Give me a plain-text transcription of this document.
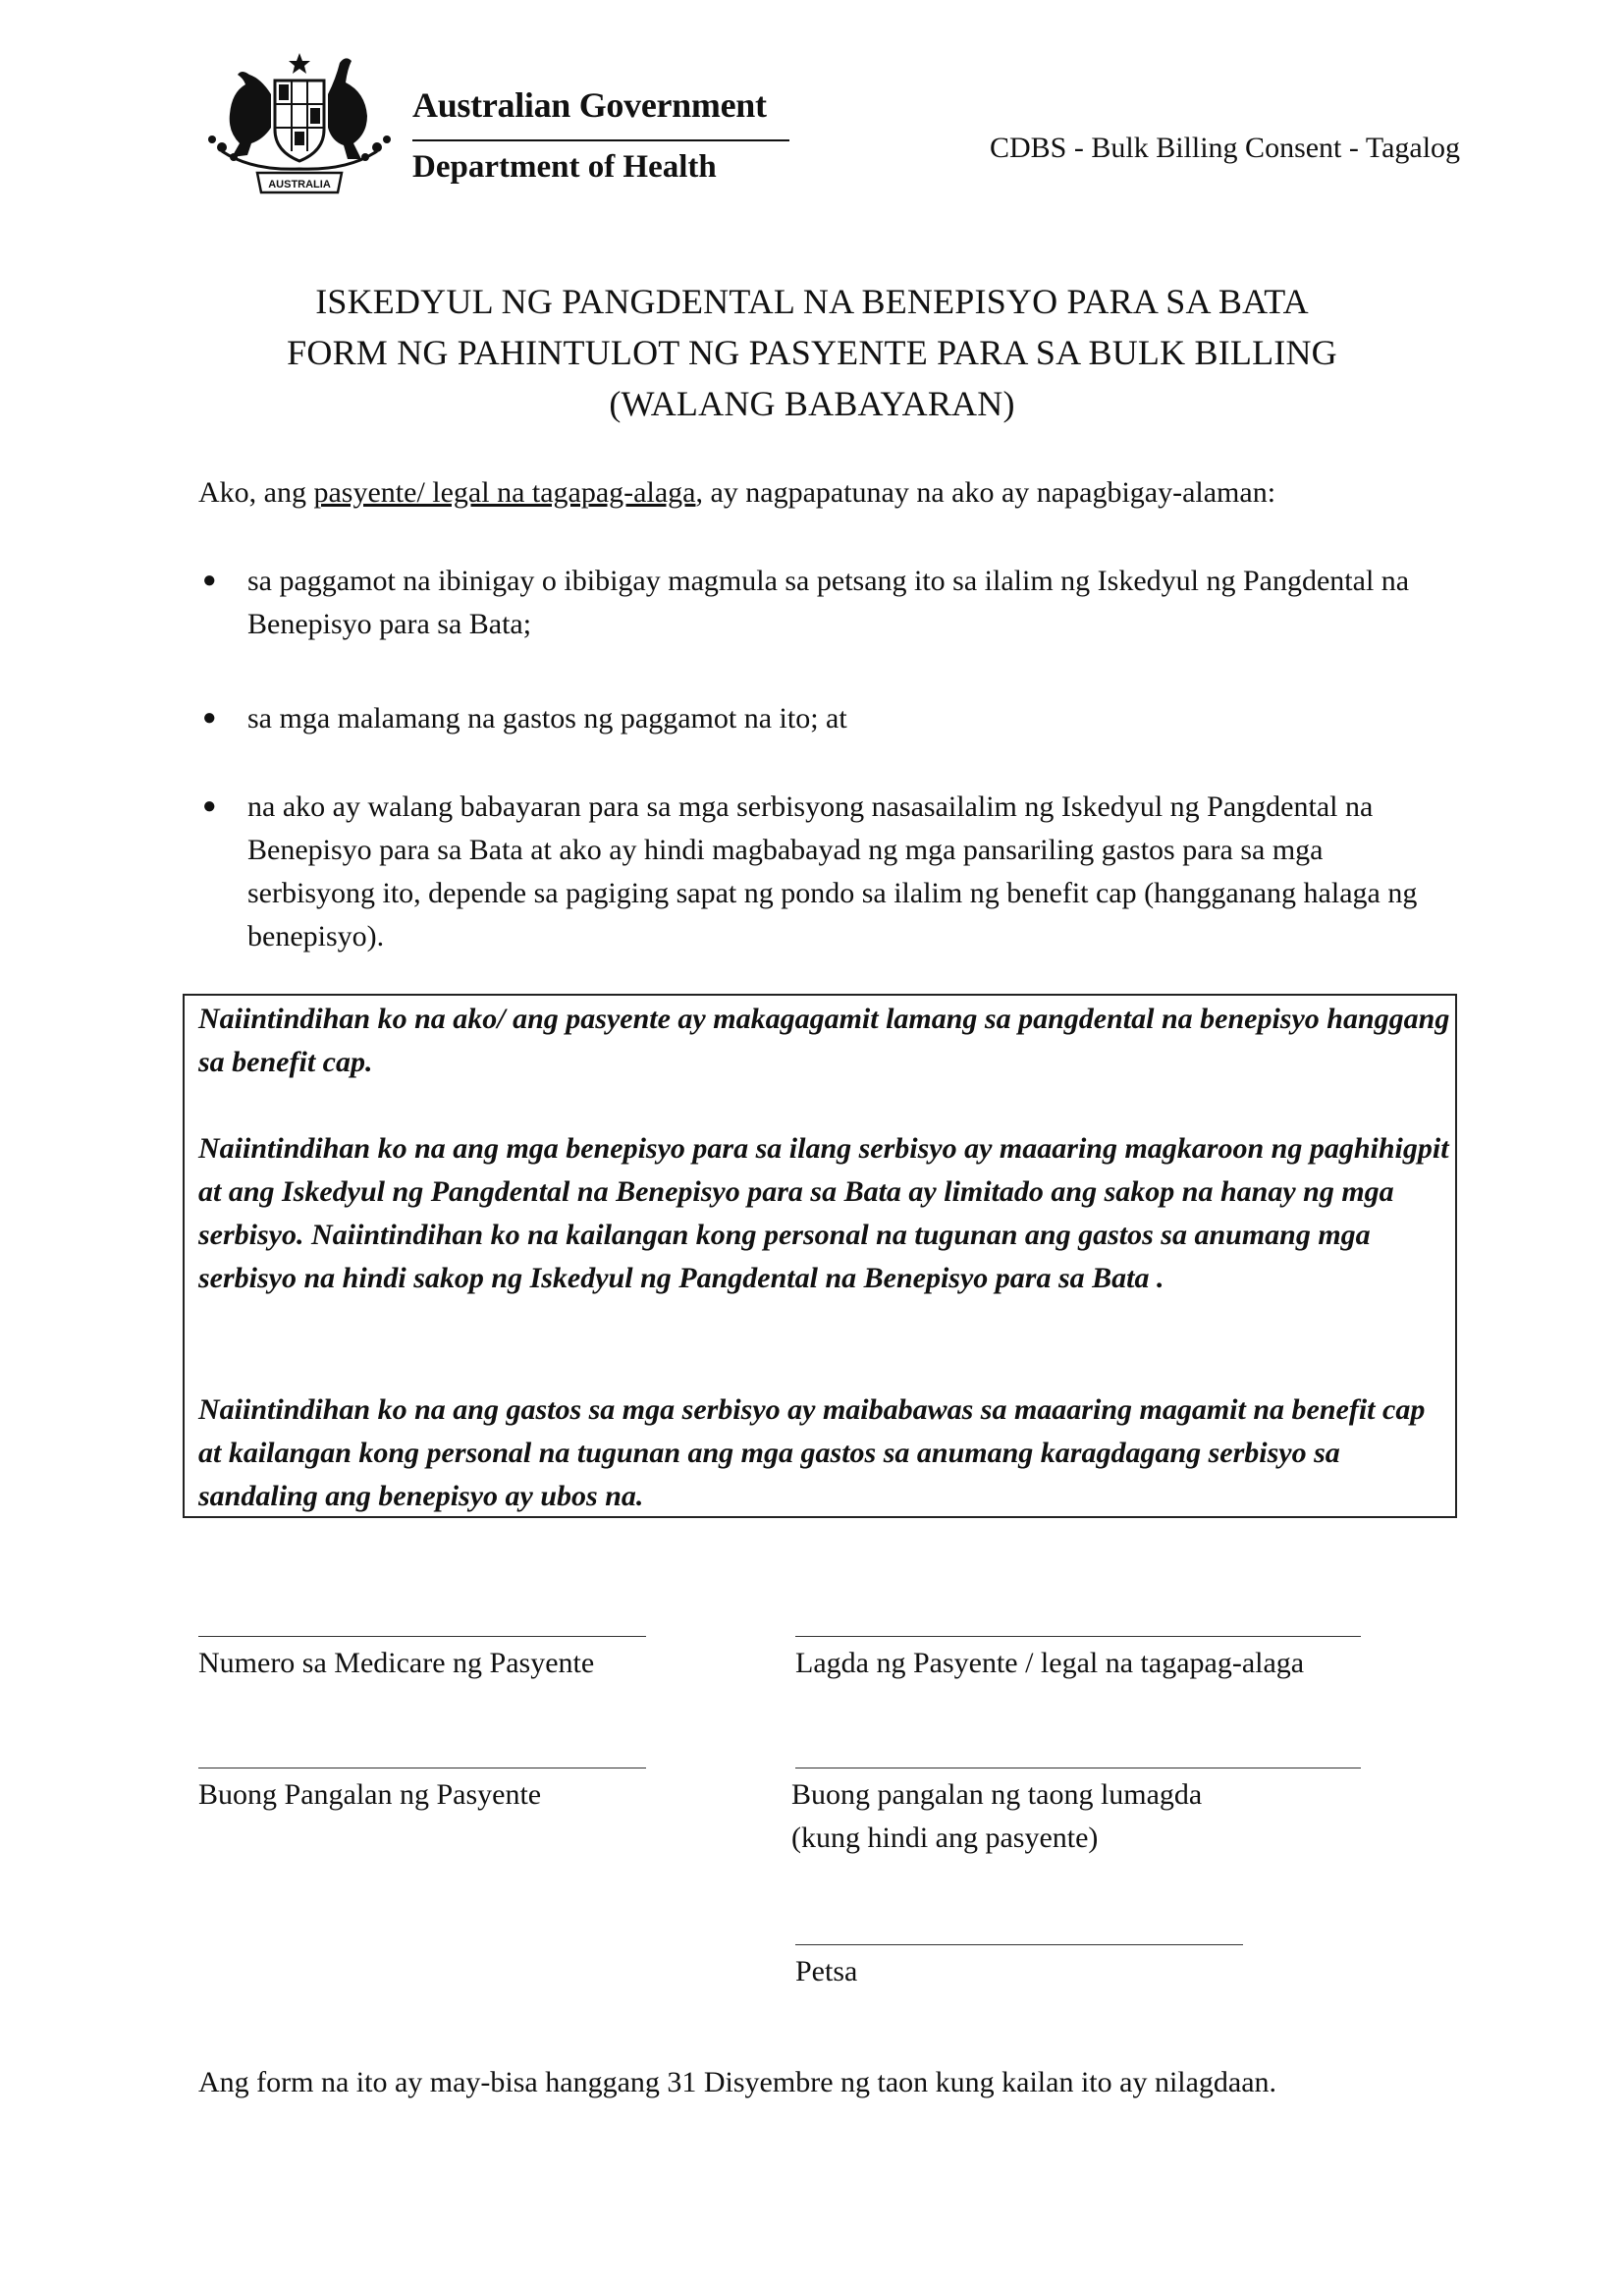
AUSTRALIA
Australian Government
Department of Health
CDBS - Bulk Billing Consent - Tagalog
ISKEDYUL NG PANGDENTAL NA BENEPISYO PARA SA BATA
FORM NG PAHINTULOT NG PASYENTE PARA SA BULK BILLING
(WALANG BABAYARAN)
Ako, ang pasyente/ legal na tagapag-alaga, ay nagpapatunay na ako ay napagbigay-alaman:
● sa paggamot na ibinigay o ibibigay magmula sa petsang ito sa ilalim ng Iskedyul ng Pangdental na Benepisyo para sa Bata;
● sa mga malamang na gastos ng paggamot na ito; at
● na ako ay walang babayaran para sa mga serbisyong nasasailalim ng Iskedyul ng Pangdental na Benepisyo para sa Bata at ako ay hindi magbabayad ng mga pansariling gastos para sa mga serbisyong ito, depende sa pagiging sapat ng pondo sa ilalim ng benefit cap (hangganang halaga ng benepisyo).
Naiintindihan ko na ako/ ang pasyente ay makagagamit lamang sa pangdental na benepisyo hanggang sa benefit cap.
Naiintindihan ko na ang mga benepisyo para sa ilang serbisyo ay maaaring magkaroon ng paghihigpit at ang Iskedyul ng Pangdental na Benepisyo para sa Bata ay limitado ang sakop na hanay ng mga serbisyo. Naiintindihan ko na kailangan kong personal na tugunan ang gastos sa anumang mga serbisyo na hindi sakop ng Iskedyul ng Pangdental na Benepisyo para sa Bata .
Naiintindihan ko na ang gastos sa mga serbisyo ay maibabawas sa maaaring magamit na benefit cap at kailangan kong personal na tugunan ang mga gastos sa anumang karagdagang serbisyo sa sandaling ang benepisyo ay ubos na.
Numero sa Medicare ng Pasyente	Lagda ng Pasyente / legal na tagapag-alaga
Buong Pangalan ng Pasyente	Buong pangalan ng taong lumagda
(kung hindi ang pasyente)
Petsa
Ang form na ito ay may-bisa hanggang 31 Disyembre ng taon kung kailan ito ay nilagdaan.
